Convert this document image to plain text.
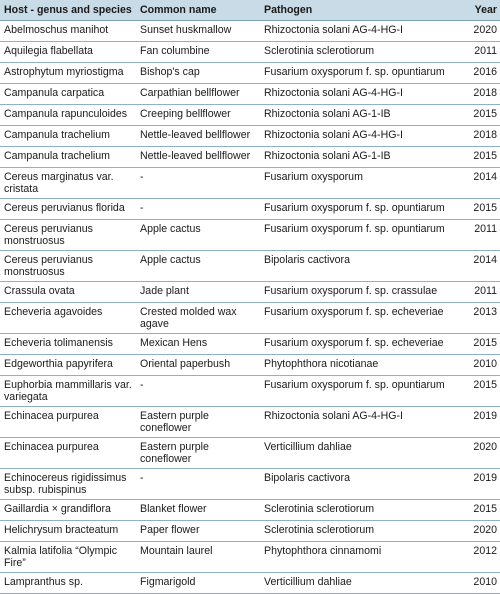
Host - genus and species	Common name	Pathogen	Year
Abelmoschus manihot	Sunset huskmallow	Rhizoctonia solani AG-4-HG-I	2020
Aquilegia flabellata	Fan columbine	Sclerotinia sclerotiorum	2011
Astrophytum myriostigma	Bishop's cap	Fusarium oxysporum f. sp. opuntiarum	2016
Campanula carpatica	Carpathian bellflower	Rhizoctonia solani AG-4-HG-I	2018
Campanula rapunculoides	Creeping bellflower	Rhizoctonia solani AG-1-IB	2015
Campanula trachelium	Nettle-leaved bellflower	Rhizoctonia solani AG-4-HG-I	2018
Campanula trachelium	Nettle-leaved bellflower	Rhizoctonia solani AG-1-IB	2015
Cereus marginatus var. cristata	-	Fusarium oxysporum	2014
Cereus peruvianus florida	-	Fusarium oxysporum f. sp. opuntiarum	2015
Cereus peruvianus monstruosus	Apple cactus	Fusarium oxysporum f. sp. opuntiarum	2011
Cereus peruvianus monstruosus	Apple cactus	Bipolaris cactivora	2014
Crassula ovata	Jade plant	Fusarium oxysporum f. sp. crassulae	2011
Echeveria agavoides	Crested molded wax agave	Fusarium oxysporum f. sp. echeveriae	2013
Echeveria tolimanensis	Mexican Hens	Fusarium oxysporum f. sp. echeveriae	2015
Edgeworthia papyrifera	Oriental paperbush	Phytophthora nicotianae	2010
Euphorbia mammillaris var. variegata	-	Fusarium oxysporum f. sp. opuntiarum	2015
Echinacea purpurea	Eastern purple coneflower	Rhizoctonia solani AG-4-HG-I	2019
Echinacea purpurea	Eastern purple coneflower	Verticillium dahliae	2020
Echinocereus rigidissimus subsp. rubispinus	-	Bipolaris cactivora	2019
Gaillardia × grandiflora	Blanket flower	Sclerotinia sclerotiorum	2015
Helichrysum bracteatum	Paper flower	Sclerotinia sclerotiorum	2020
Kalmia latifolia “Olympic Fire”	Mountain laurel	Phytophthora cinnamomi	2012
Lampranthus sp.	Figmarigold	Verticillium dahliae	2010
